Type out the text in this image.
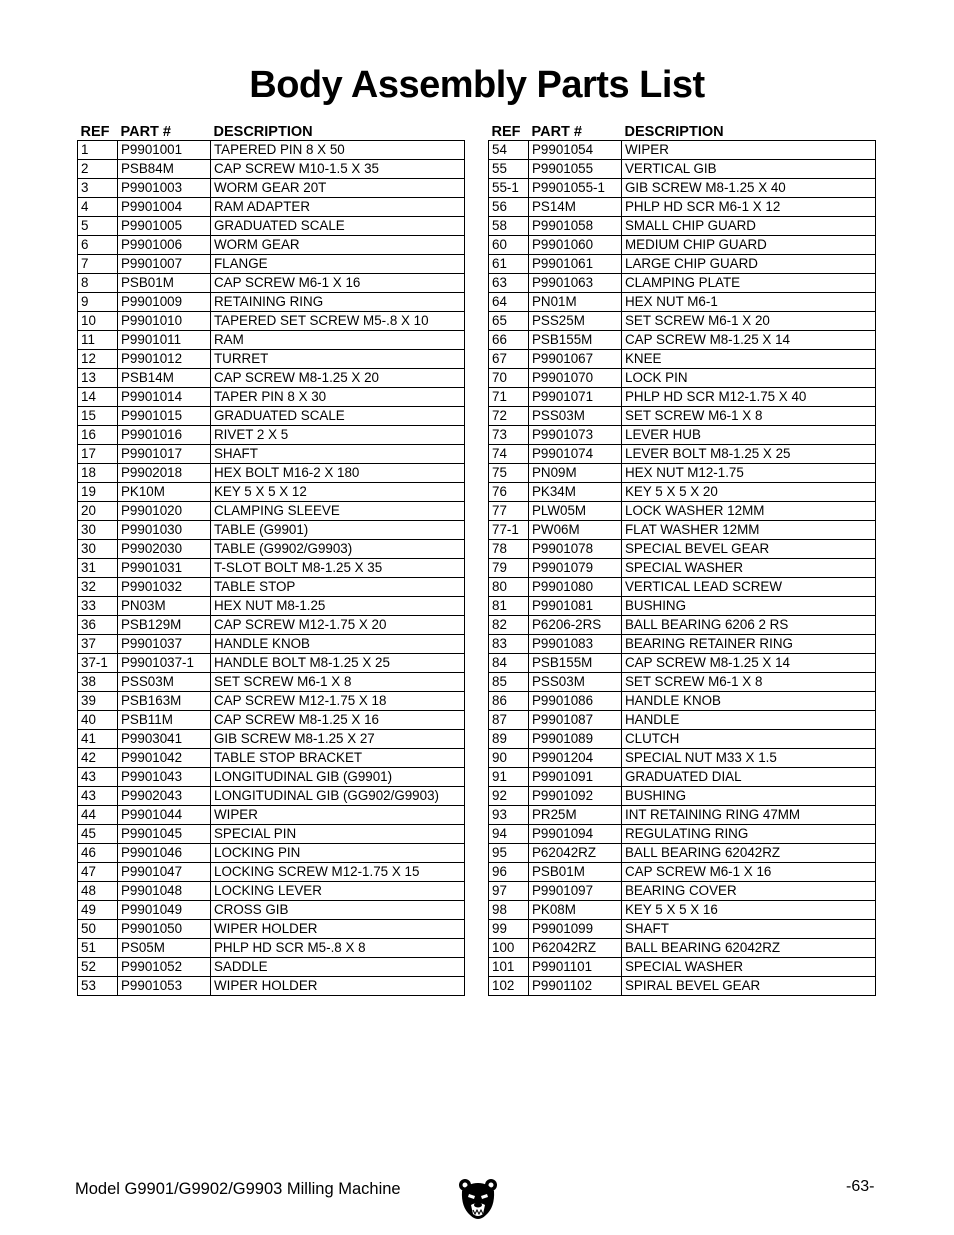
Body Assembly Parts List
REF	PART #	DESCRIPTION
1	P9901001	TAPERED PIN 8 X 50
2	PSB84M	CAP SCREW M10-1.5 X 35
3	P9901003	WORM GEAR 20T
4	P9901004	RAM ADAPTER
5	P9901005	GRADUATED SCALE
6	P9901006	WORM GEAR
7	P9901007	FLANGE
8	PSB01M	CAP SCREW M6-1 X 16
9	P9901009	RETAINING RING
10	P9901010	TAPERED SET SCREW M5-.8 X 10
11	P9901011	RAM
12	P9901012	TURRET
13	PSB14M	CAP SCREW M8-1.25 X 20
14	P9901014	TAPER PIN 8 X 30
15	P9901015	GRADUATED SCALE
16	P9901016	RIVET 2 X 5
17	P9901017	SHAFT
18	P9902018	HEX BOLT M16-2 X 180
19	PK10M	KEY 5 X 5 X 12
20	P9901020	CLAMPING SLEEVE
30	P9901030	TABLE (G9901)
30	P9902030	TABLE (G9902/G9903)
31	P9901031	T-SLOT BOLT M8-1.25 X 35
32	P9901032	TABLE STOP
33	PN03M	HEX NUT M8-1.25
36	PSB129M	CAP SCREW M12-1.75 X 20
37	P9901037	HANDLE KNOB
37-1	P9901037-1	HANDLE BOLT M8-1.25 X 25
38	PSS03M	SET SCREW M6-1 X 8
39	PSB163M	CAP SCREW M12-1.75 X 18
40	PSB11M	CAP SCREW M8-1.25 X 16
41	P9903041	GIB SCREW M8-1.25 X 27
42	P9901042	TABLE STOP BRACKET
43	P9901043	LONGITUDINAL GIB (G9901)
43	P9902043	LONGITUDINAL GIB (GG902/G9903)
44	P9901044	WIPER
45	P9901045	SPECIAL PIN
46	P9901046	LOCKING PIN
47	P9901047	LOCKING SCREW M12-1.75 X 15
48	P9901048	LOCKING LEVER
49	P9901049	CROSS GIB
50	P9901050	WIPER HOLDER
51	PS05M	PHLP HD SCR M5-.8 X 8
52	P9901052	SADDLE
53	P9901053	WIPER HOLDER
REF	PART #	DESCRIPTION
54	P9901054	WIPER
55	P9901055	VERTICAL GIB
55-1	P9901055-1	GIB SCREW M8-1.25 X 40
56	PS14M	PHLP HD SCR M6-1 X 12
58	P9901058	SMALL CHIP GUARD
60	P9901060	MEDIUM CHIP GUARD
61	P9901061	LARGE CHIP GUARD
63	P9901063	CLAMPING PLATE
64	PN01M	HEX NUT M6-1
65	PSS25M	SET SCREW M6-1 X 20
66	PSB155M	CAP SCREW M8-1.25 X 14
67	P9901067	KNEE
70	P9901070	LOCK PIN
71	P9901071	PHLP HD SCR M12-1.75 X 40
72	PSS03M	SET SCREW M6-1 X 8
73	P9901073	LEVER HUB
74	P9901074	LEVER BOLT M8-1.25 X 25
75	PN09M	HEX NUT M12-1.75
76	PK34M	KEY 5 X 5 X 20
77	PLW05M	LOCK WASHER 12MM
77-1	PW06M	FLAT WASHER 12MM
78	P9901078	SPECIAL BEVEL GEAR
79	P9901079	SPECIAL WASHER
80	P9901080	VERTICAL LEAD SCREW
81	P9901081	BUSHING
82	P6206-2RS	BALL BEARING 6206 2 RS
83	P9901083	BEARING RETAINER RING
84	PSB155M	CAP SCREW M8-1.25 X 14
85	PSS03M	SET SCREW M6-1 X 8
86	P9901086	HANDLE KNOB
87	P9901087	HANDLE
89	P9901089	CLUTCH
90	P9901204	SPECIAL NUT M33 X 1.5
91	P9901091	GRADUATED DIAL
92	P9901092	BUSHING
93	PR25M	INT RETAINING RING 47MM
94	P9901094	REGULATING RING
95	P62042RZ	BALL BEARING 62042RZ
96	PSB01M	CAP SCREW M6-1 X 16
97	P9901097	BEARING COVER
98	PK08M	KEY 5 X 5 X 16
99	P9901099	SHAFT
100	P62042RZ	BALL BEARING 62042RZ
101	P9901101	SPECIAL WASHER
102	P9901102	SPIRAL BEVEL GEAR
Model G9901/G9902/G9903 Milling Machine	-63-
